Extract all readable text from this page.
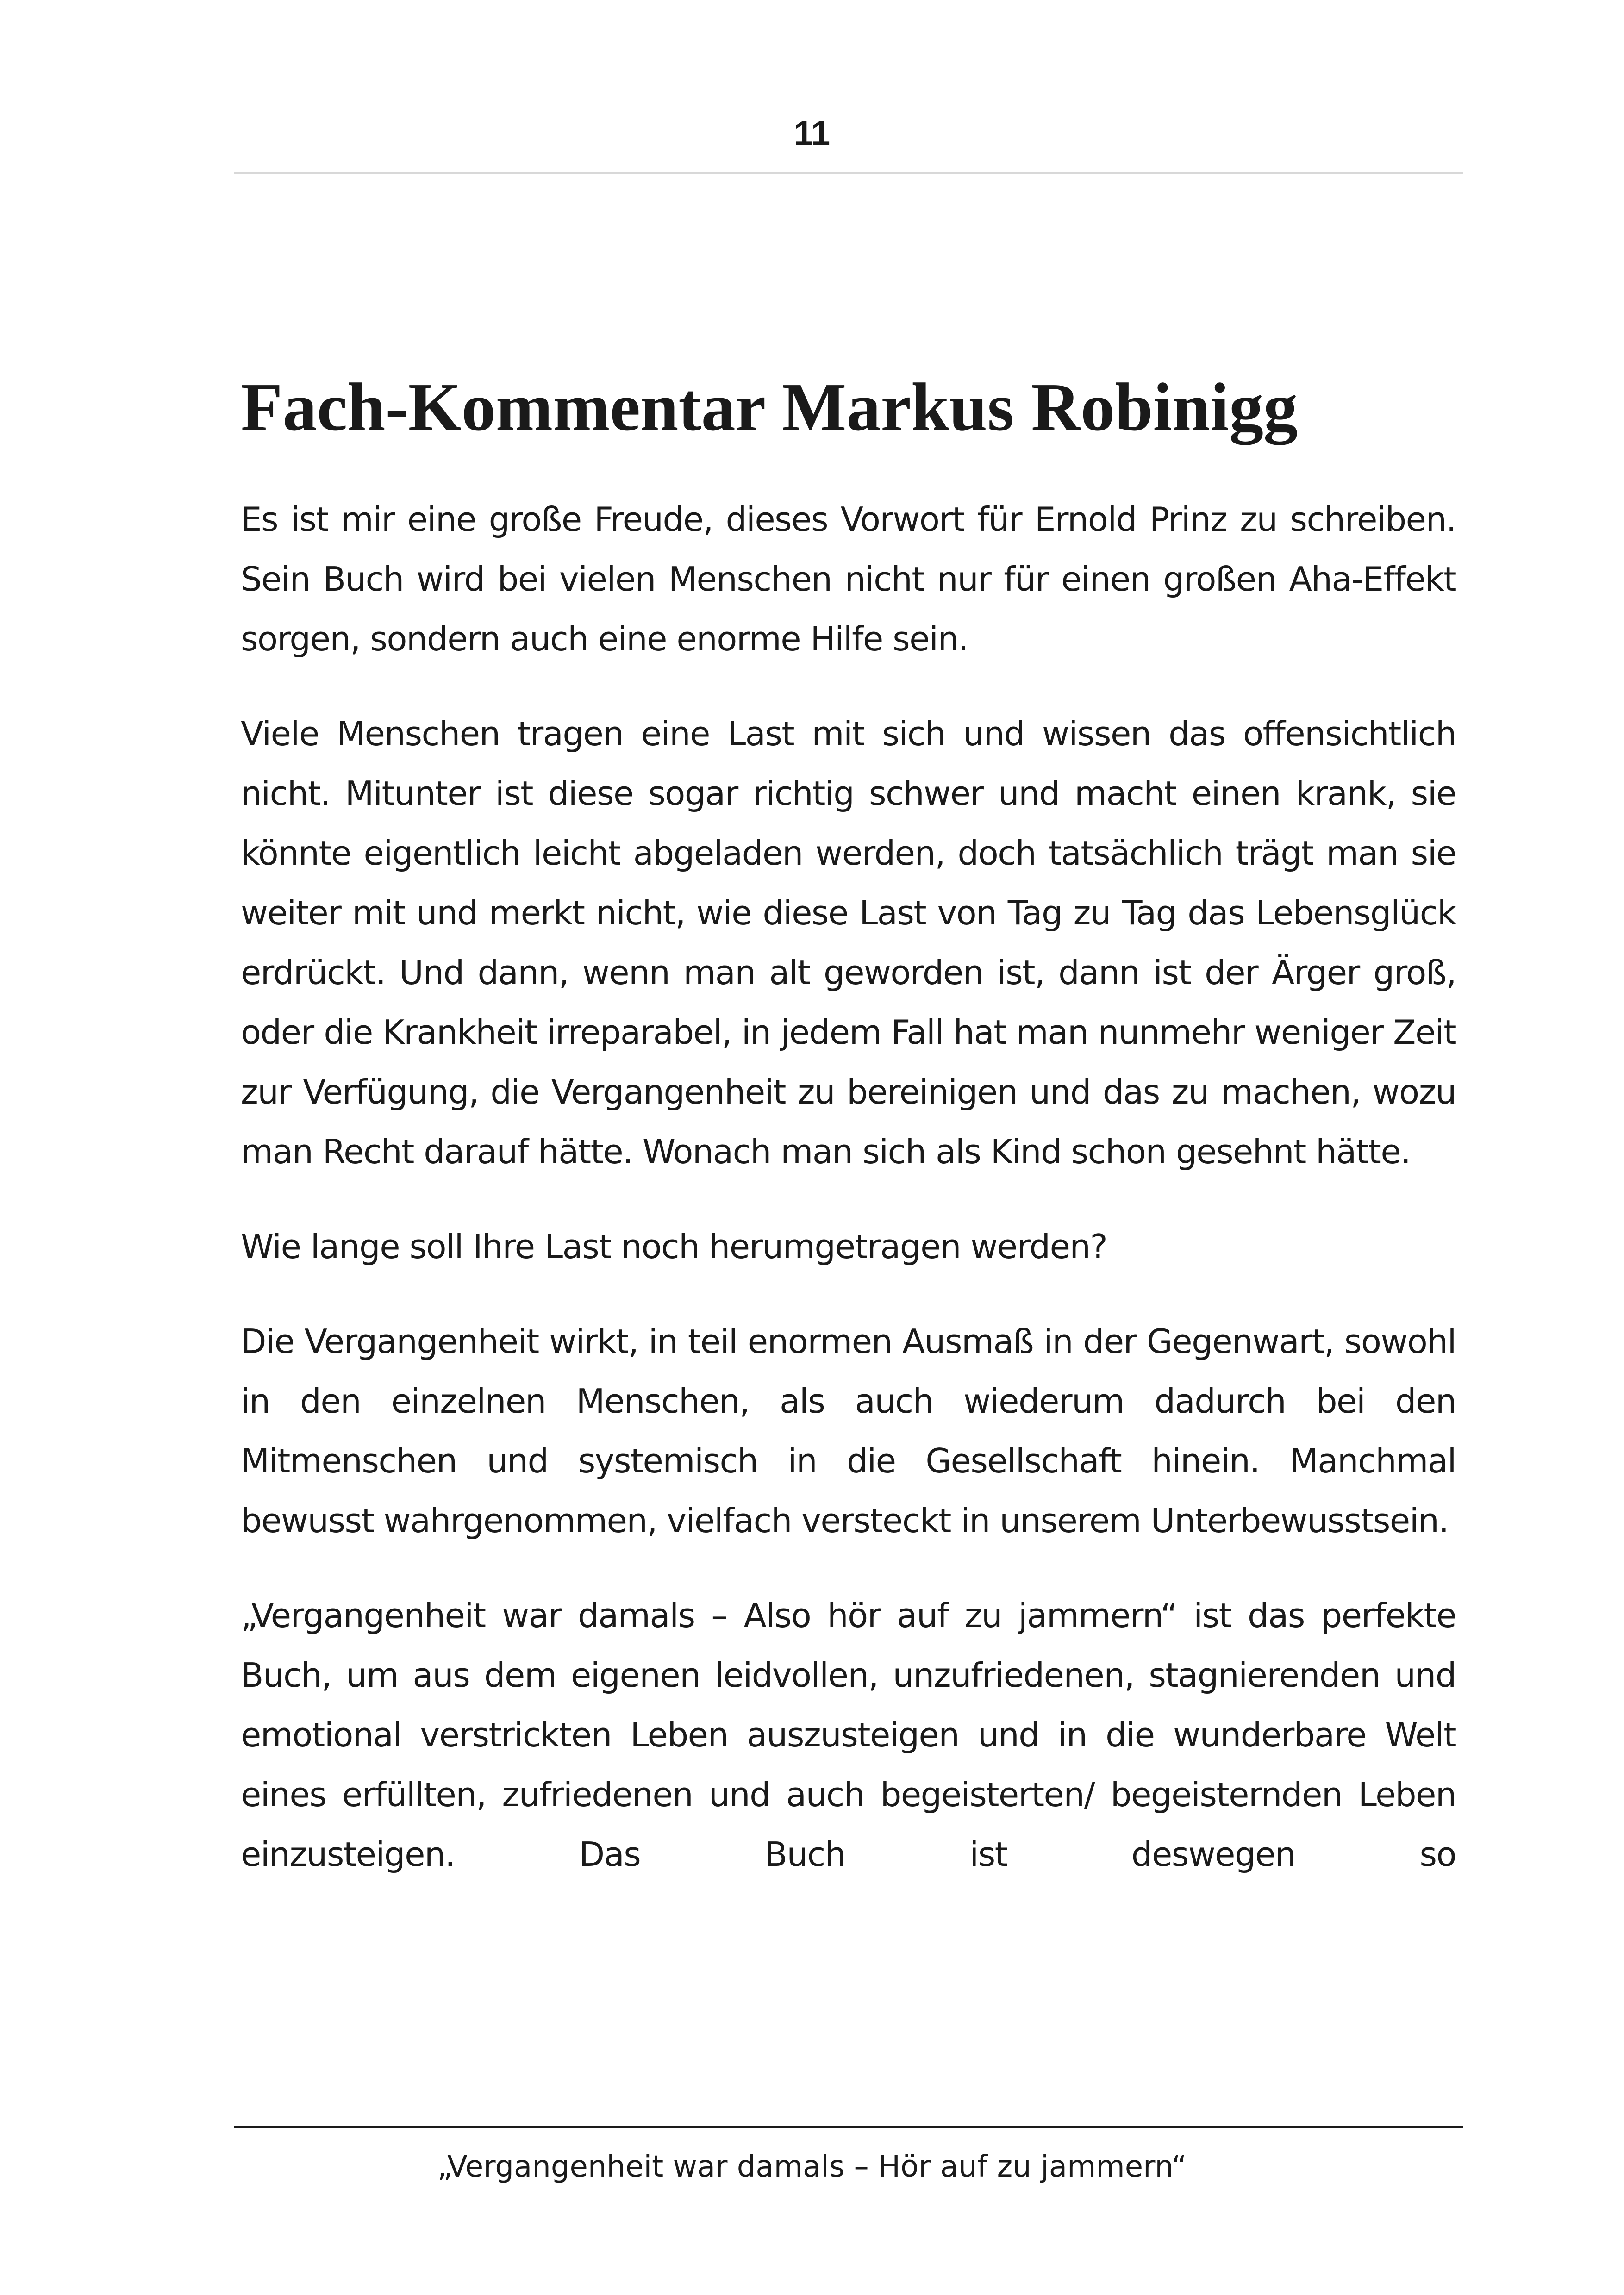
11
Fach-Kommentar Markus Robinigg

Es ist mir eine große Freude, dieses Vorwort für Ernold Prinz zu schreiben. Sein Buch wird bei vielen Menschen nicht nur für einen großen Aha-Effekt sorgen, sondern auch eine enorme Hilfe sein.

Viele Menschen tragen eine Last mit sich und wissen das offensichtlich nicht. Mitunter ist diese sogar richtig schwer und macht einen krank, sie könnte eigentlich leicht abgeladen werden, doch tatsächlich trägt man sie weiter mit und merkt nicht, wie diese Last von Tag zu Tag das Lebensglück erdrückt. Und dann, wenn man alt geworden ist, dann ist der Ärger groß, oder die Krankheit irreparabel, in jedem Fall hat man nunmehr weniger Zeit zur Verfügung, die Vergangenheit zu bereinigen und das zu machen, wozu man Recht darauf hätte. Wonach man sich als Kind schon gesehnt hätte.

Wie lange soll Ihre Last noch herumgetragen werden?

Die Vergangenheit wirkt, in teil enormen Ausmaß in der Gegenwart, sowohl in den einzelnen Menschen, als auch wiederum dadurch bei den Mitmenschen und systemisch in die Gesellschaft hinein. Manchmal bewusst wahrgenommen, vielfach versteckt in unserem Unterbewusstsein.

„Vergangenheit war damals – Also hör auf zu jammern“ ist das perfekte Buch, um aus dem eigenen leidvollen, unzufriedenen, stagnierenden und emotional verstrickten Leben auszusteigen und in die wunderbare Welt eines erfüllten, zufriedenen und auch begeisterten/ begeisternden Leben einzusteigen. Das Buch ist deswegen so

„Vergangenheit war damals – Hör auf zu jammern“
